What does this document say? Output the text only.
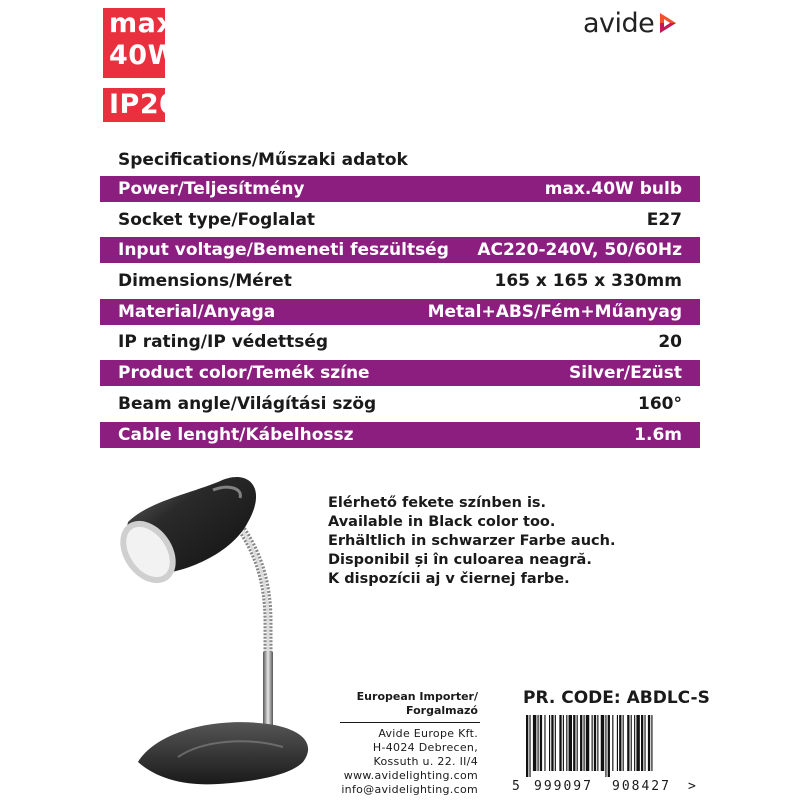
max.
40W
IP20
avide
Specifications/Műszaki adatok
Power/Teljesítmény	max.40W bulb
Socket type/Foglalat	E27
Input voltage/Bemeneti feszültség AC220-240V, 50/60Hz
Dimensions/Méret	165 x 165 x 330mm
Material/Anyaga	Metal+ABS/Fém+Műanyag
IP rating/IP védettség	20
Product color/Temék színe	Silver/Ezüst
Beam angle/Világítási szög	160°
Cable lenght/Kábelhossz	1.6m
Elérhető fekete színben is.
Available in Black color too.
Erhältlich in schwarzer Farbe auch.
Disponibil și în culoarea neagră.
K dispozícii aj v čiernej farbe.
European Importer/
Forgalmazó
Avide Europe Kft.
H-4024 Debrecen,
Kossuth u. 22. II/4
www.avidelighting.com
info@avidelighting.com
PR. CODE: ABDLC-S
5 999097 908427 >
